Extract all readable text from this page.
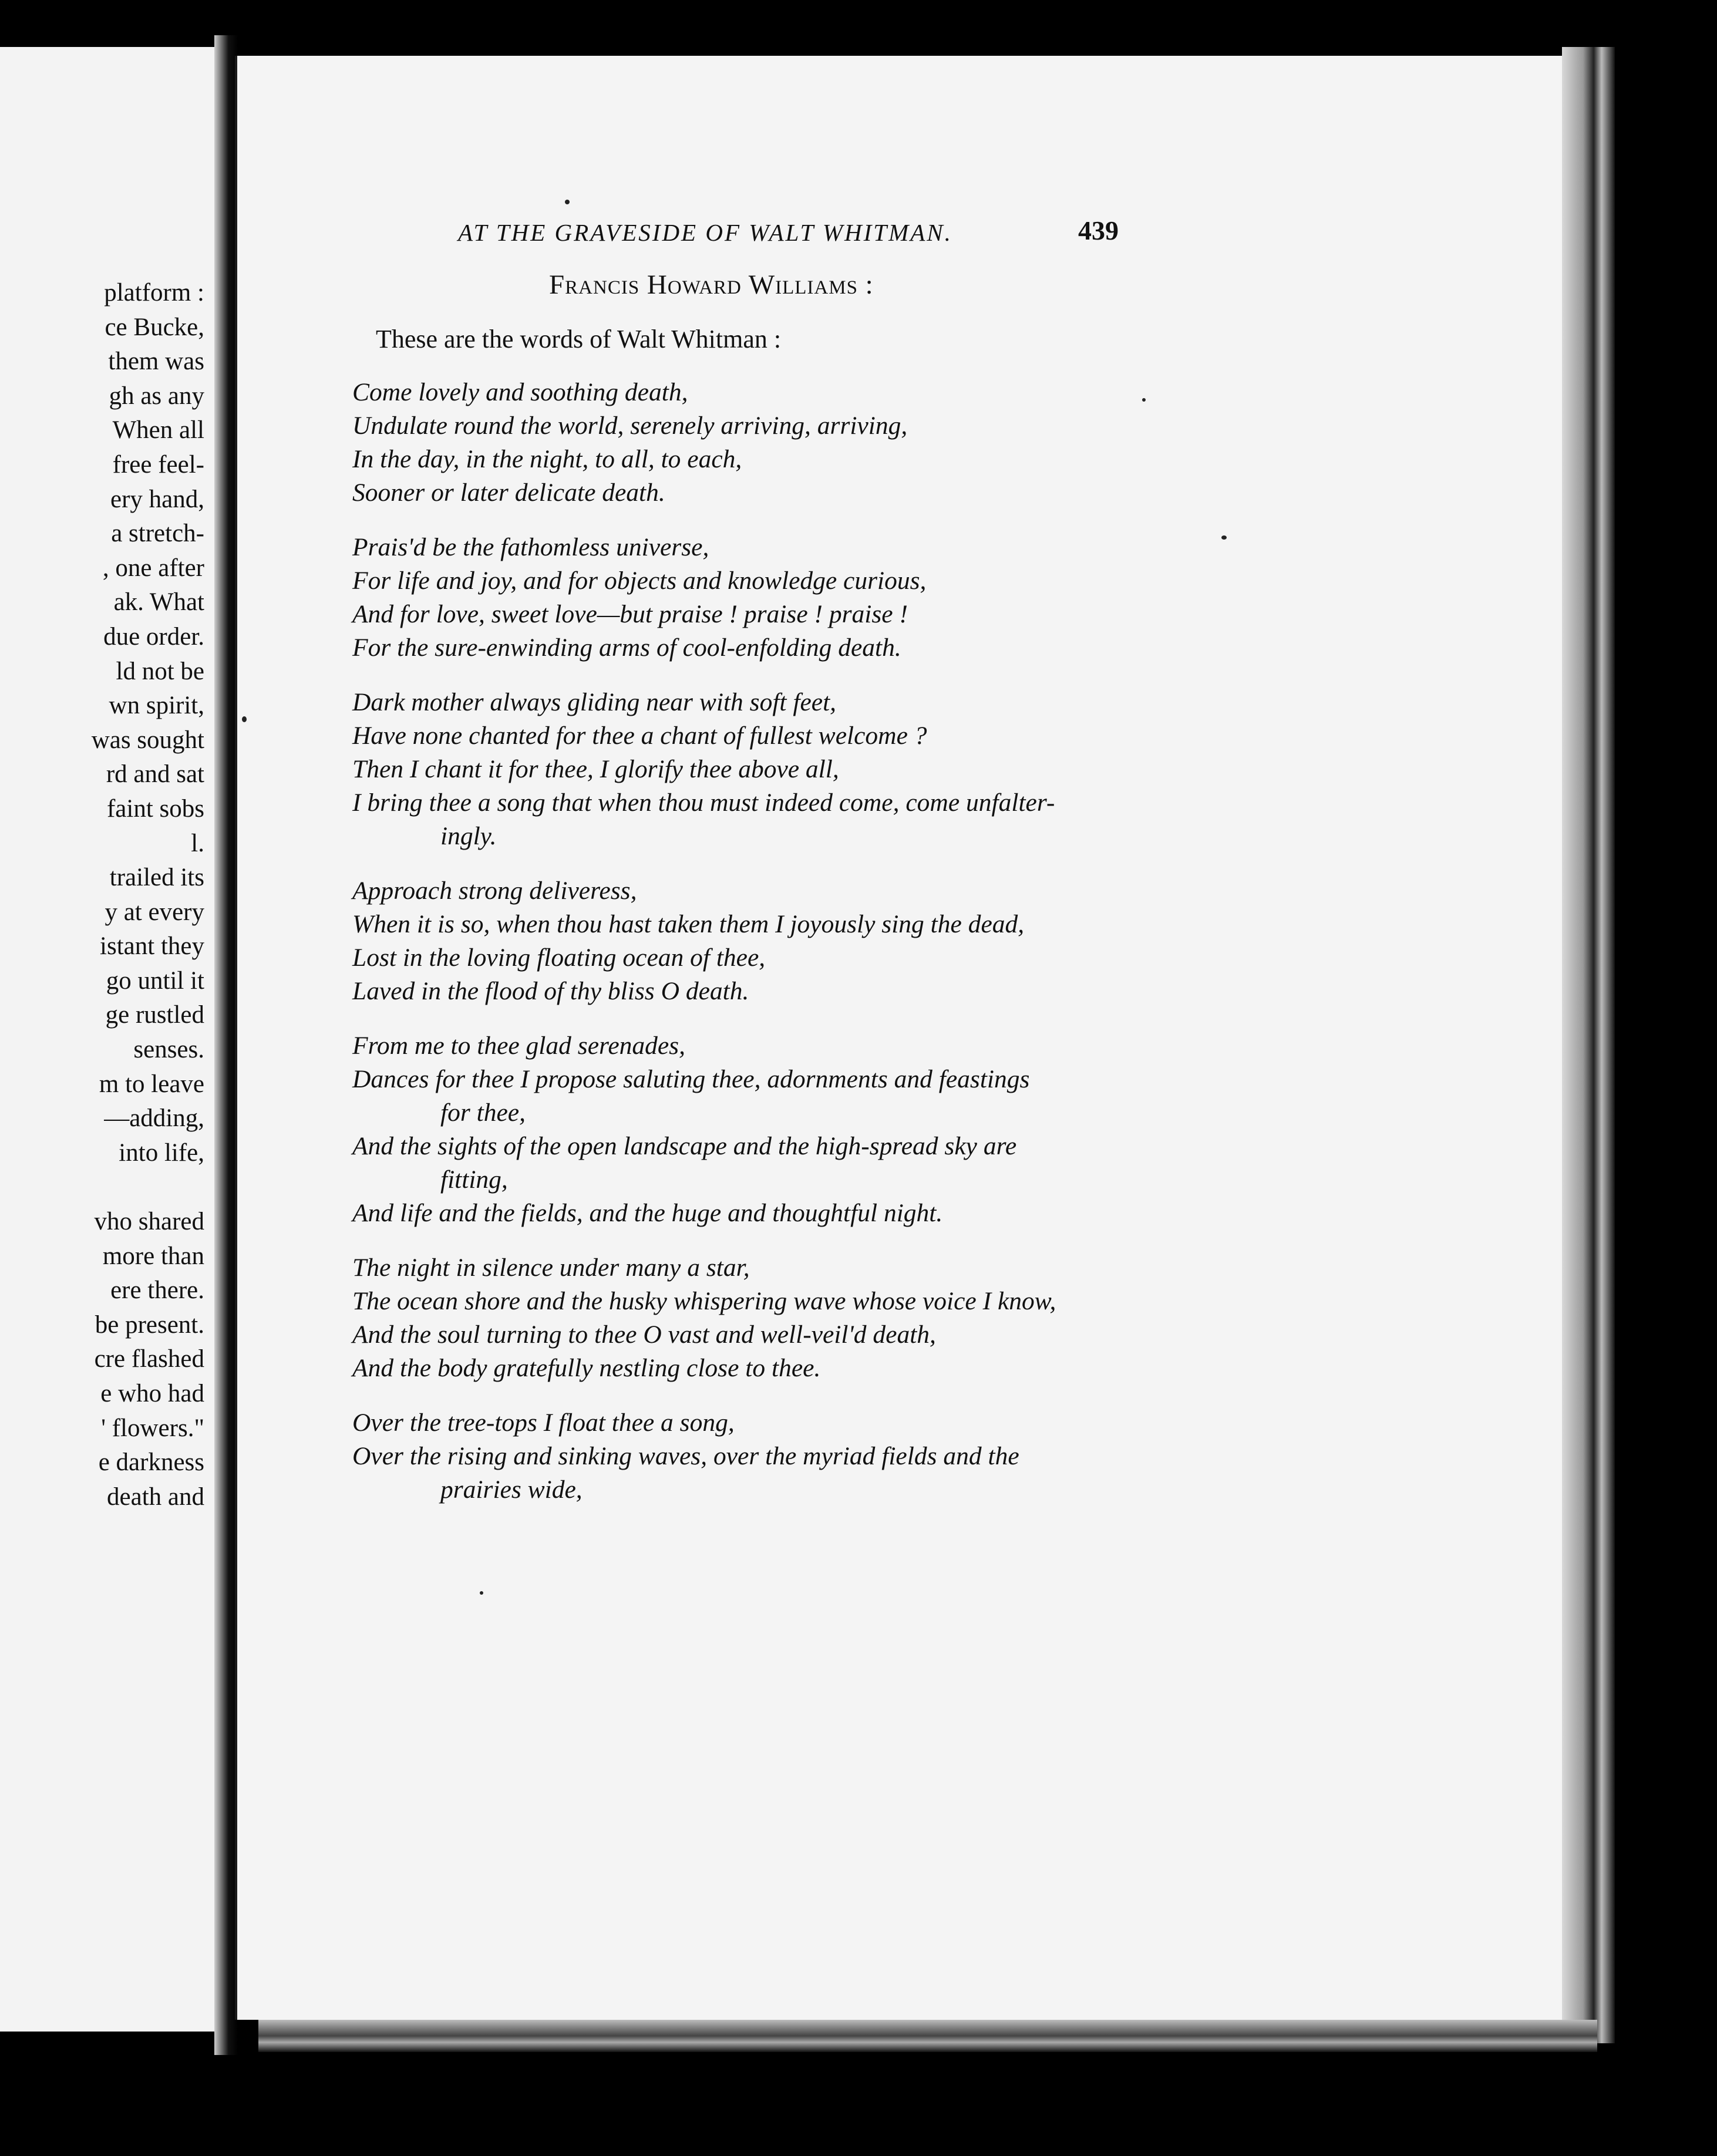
platform :
ce Bucke,
them was
gh as any
When all
free feel-
ery hand,
a stretch-
, one after
ak. What
due order.
ld not be
wn spirit,
was sought
rd and sat
faint sobs
l.
trailed its
y at every
istant they
go until it
ge rustled
senses.
m to leave
—adding,
into life,

vho shared
more than
ere there.
be present.
cre flashed
e who had
' flowers."
e darkness
death and
AT THE GRAVESIDE OF WALT WHITMAN.	439
Francis Howard Williams :
These are the words of Walt Whitman :
Come lovely and soothing death,
Undulate round the world, serenely arriving, arriving,
In the day, in the night, to all, to each,
Sooner or later delicate death.
Prais'd be the fathomless universe,
For life and joy, and for objects and knowledge curious,
And for love, sweet love—but praise ! praise ! praise !
For the sure-enwinding arms of cool-enfolding death.
Dark mother always gliding near with soft feet,
Have none chanted for thee a chant of fullest welcome ?
Then I chant it for thee, I glorify thee above all,
I bring thee a song that when thou must indeed come, come unfalter-
ingly.
Approach strong deliveress,
When it is so, when thou hast taken them I joyously sing the dead,
Lost in the loving floating ocean of thee,
Laved in the flood of thy bliss O death.
From me to thee glad serenades,
Dances for thee I propose saluting thee, adornments and feastings
for thee,
And the sights of the open landscape and the high-spread sky are
fitting,
And life and the fields, and the huge and thoughtful night.
The night in silence under many a star,
The ocean shore and the husky whispering wave whose voice I know,
And the soul turning to thee O vast and well-veil'd death,
And the body gratefully nestling close to thee.
Over the tree-tops I float thee a song,
Over the rising and sinking waves, over the myriad fields and the
prairies wide,
